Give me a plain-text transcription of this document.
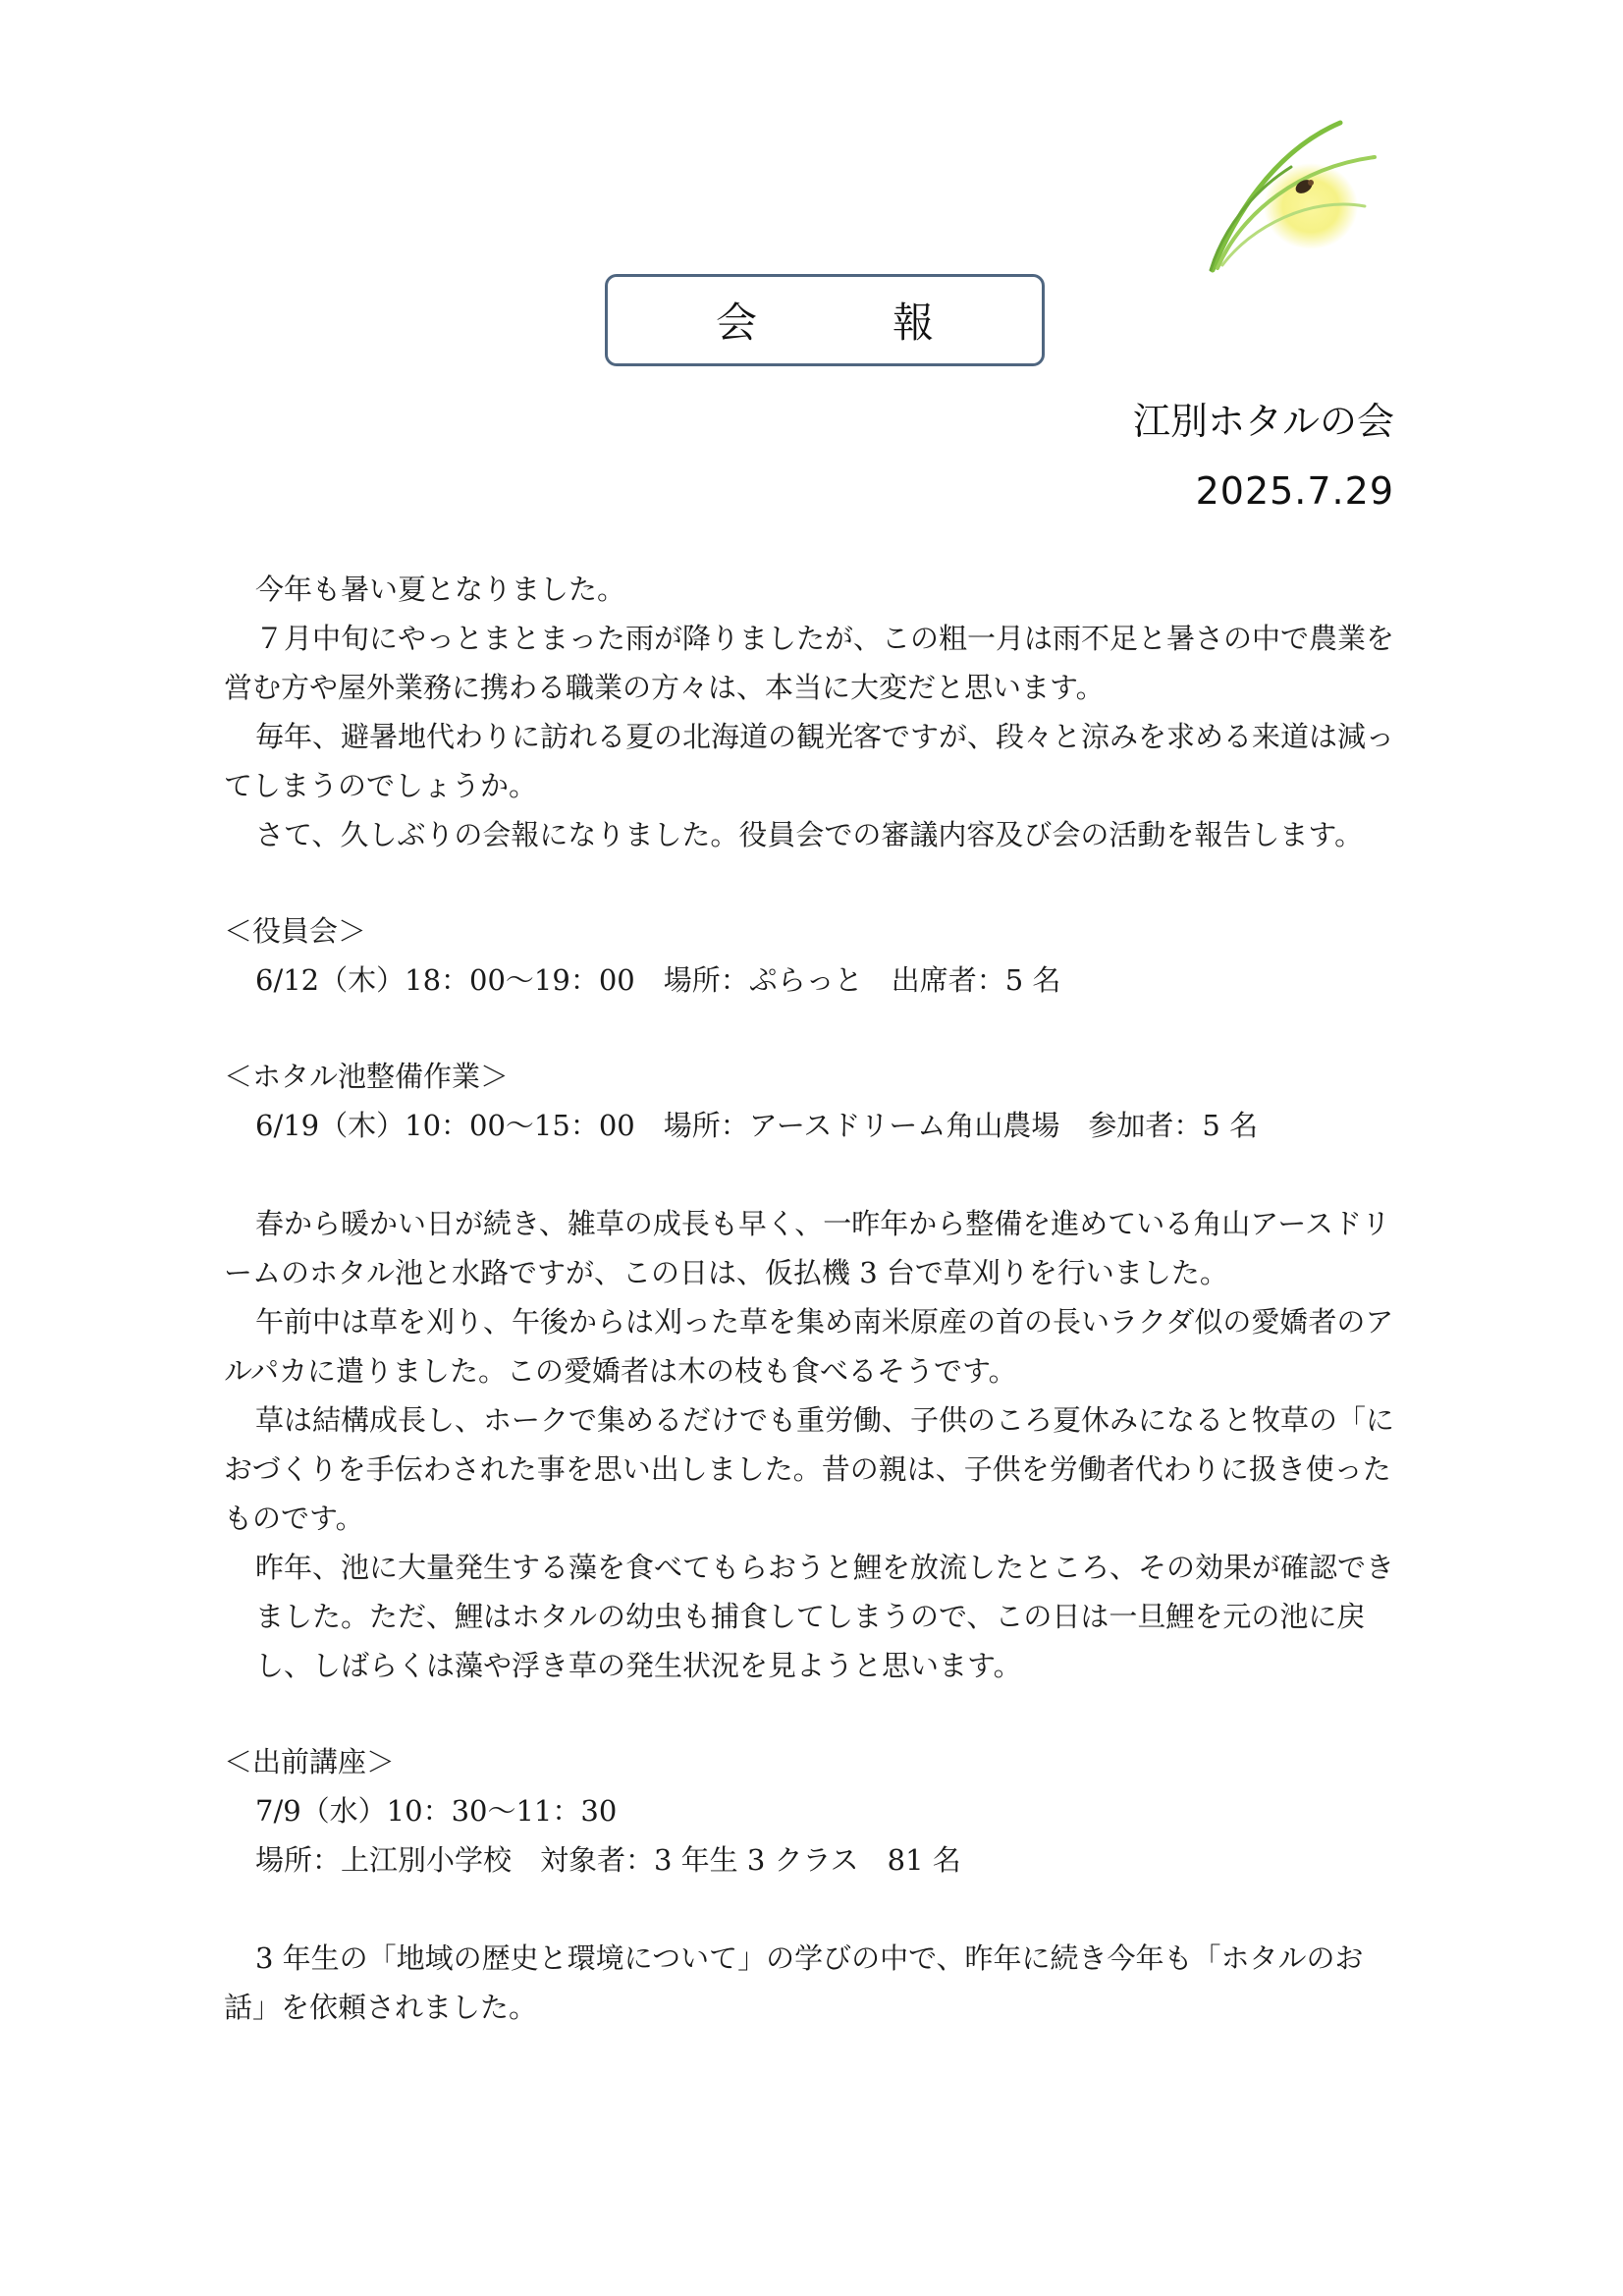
会　報
江別ホタルの会
2025.7.29

今年も暑い夏となりました。

７月中旬にやっとまとまった雨が降りましたが、この粗一月は雨不足と暑さの中で農業を営む方や屋外業務に携わる職業の方々は、本当に大変だと思います。

毎年、避暑地代わりに訪れる夏の北海道の観光客ですが、段々と涼みを求める来道は減ってしまうのでしょうか。

さて、久しぶりの会報になりました。役員会での審議内容及び会の活動を報告します。

＜役員会＞

6/12（木）18：00〜19：00　場所：ぷらっと　出席者：5 名

＜ホタル池整備作業＞

6/19（木）10：00〜15：00　場所：アースドリーム角山農場　参加者：5 名

春から暖かい日が続き、雑草の成長も早く、一昨年から整備を進めている角山アースドリームのホタル池と水路ですが、この日は、仮払機 3 台で草刈りを行いました。

午前中は草を刈り、午後からは刈った草を集め南米原産の首の長いラクダ似の愛嬌者のアルパカに遣りました。この愛嬌者は木の枝も食べるそうです。

草は結構成長し、ホークで集めるだけでも重労働、子供のころ夏休みになると牧草の「におづくりを手伝わされた事を思い出しました。昔の親は、子供を労働者代わりに扱き使ったものです。

昨年、池に大量発生する藻を食べてもらおうと鯉を放流したところ、その効果が確認できました。ただ、鯉はホタルの幼虫も捕食してしまうので、この日は一旦鯉を元の池に戻し、しばらくは藻や浮き草の発生状況を見ようと思います。

＜出前講座＞

7/9（水）10：30〜11：30

場所：上江別小学校　対象者：3 年生 3 クラス　81 名

3 年生の「地域の歴史と環境について」の学びの中で、昨年に続き今年も「ホタルのお話」を依頼されました。
